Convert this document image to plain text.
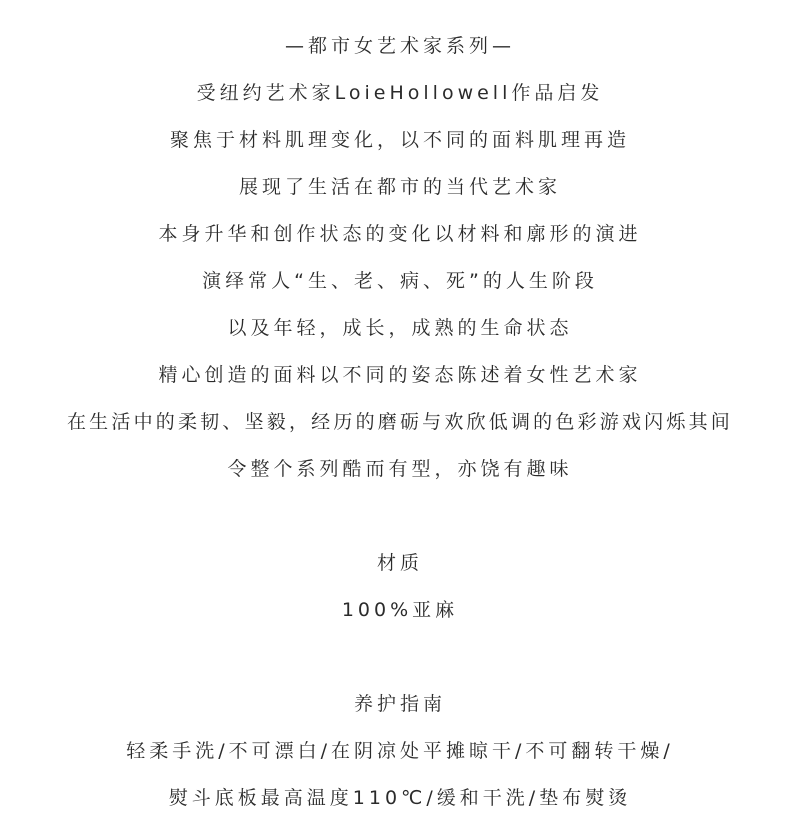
—都市女艺术家系列—
受纽约艺术家LoieHollowell作品启发
聚焦于材料肌理变化，以不同的面料肌理再造
展现了生活在都市的当代艺术家
本身升华和创作状态的变化以材料和廓形的演进
演绎常人“生、老、病、死”的人生阶段
以及年轻，成长，成熟的生命状态
精心创造的面料以不同的姿态陈述着女性艺术家
在生活中的柔韧、坚毅，经历的磨砺与欢欣低调的色彩游戏闪烁其间
令整个系列酷而有型，亦饶有趣味
材质
100%亚麻
养护指南
轻柔手洗/不可漂白/在阴凉处平摊晾干/不可翻转干燥/
熨斗底板最高温度110℃/缓和干洗/垫布熨烫
